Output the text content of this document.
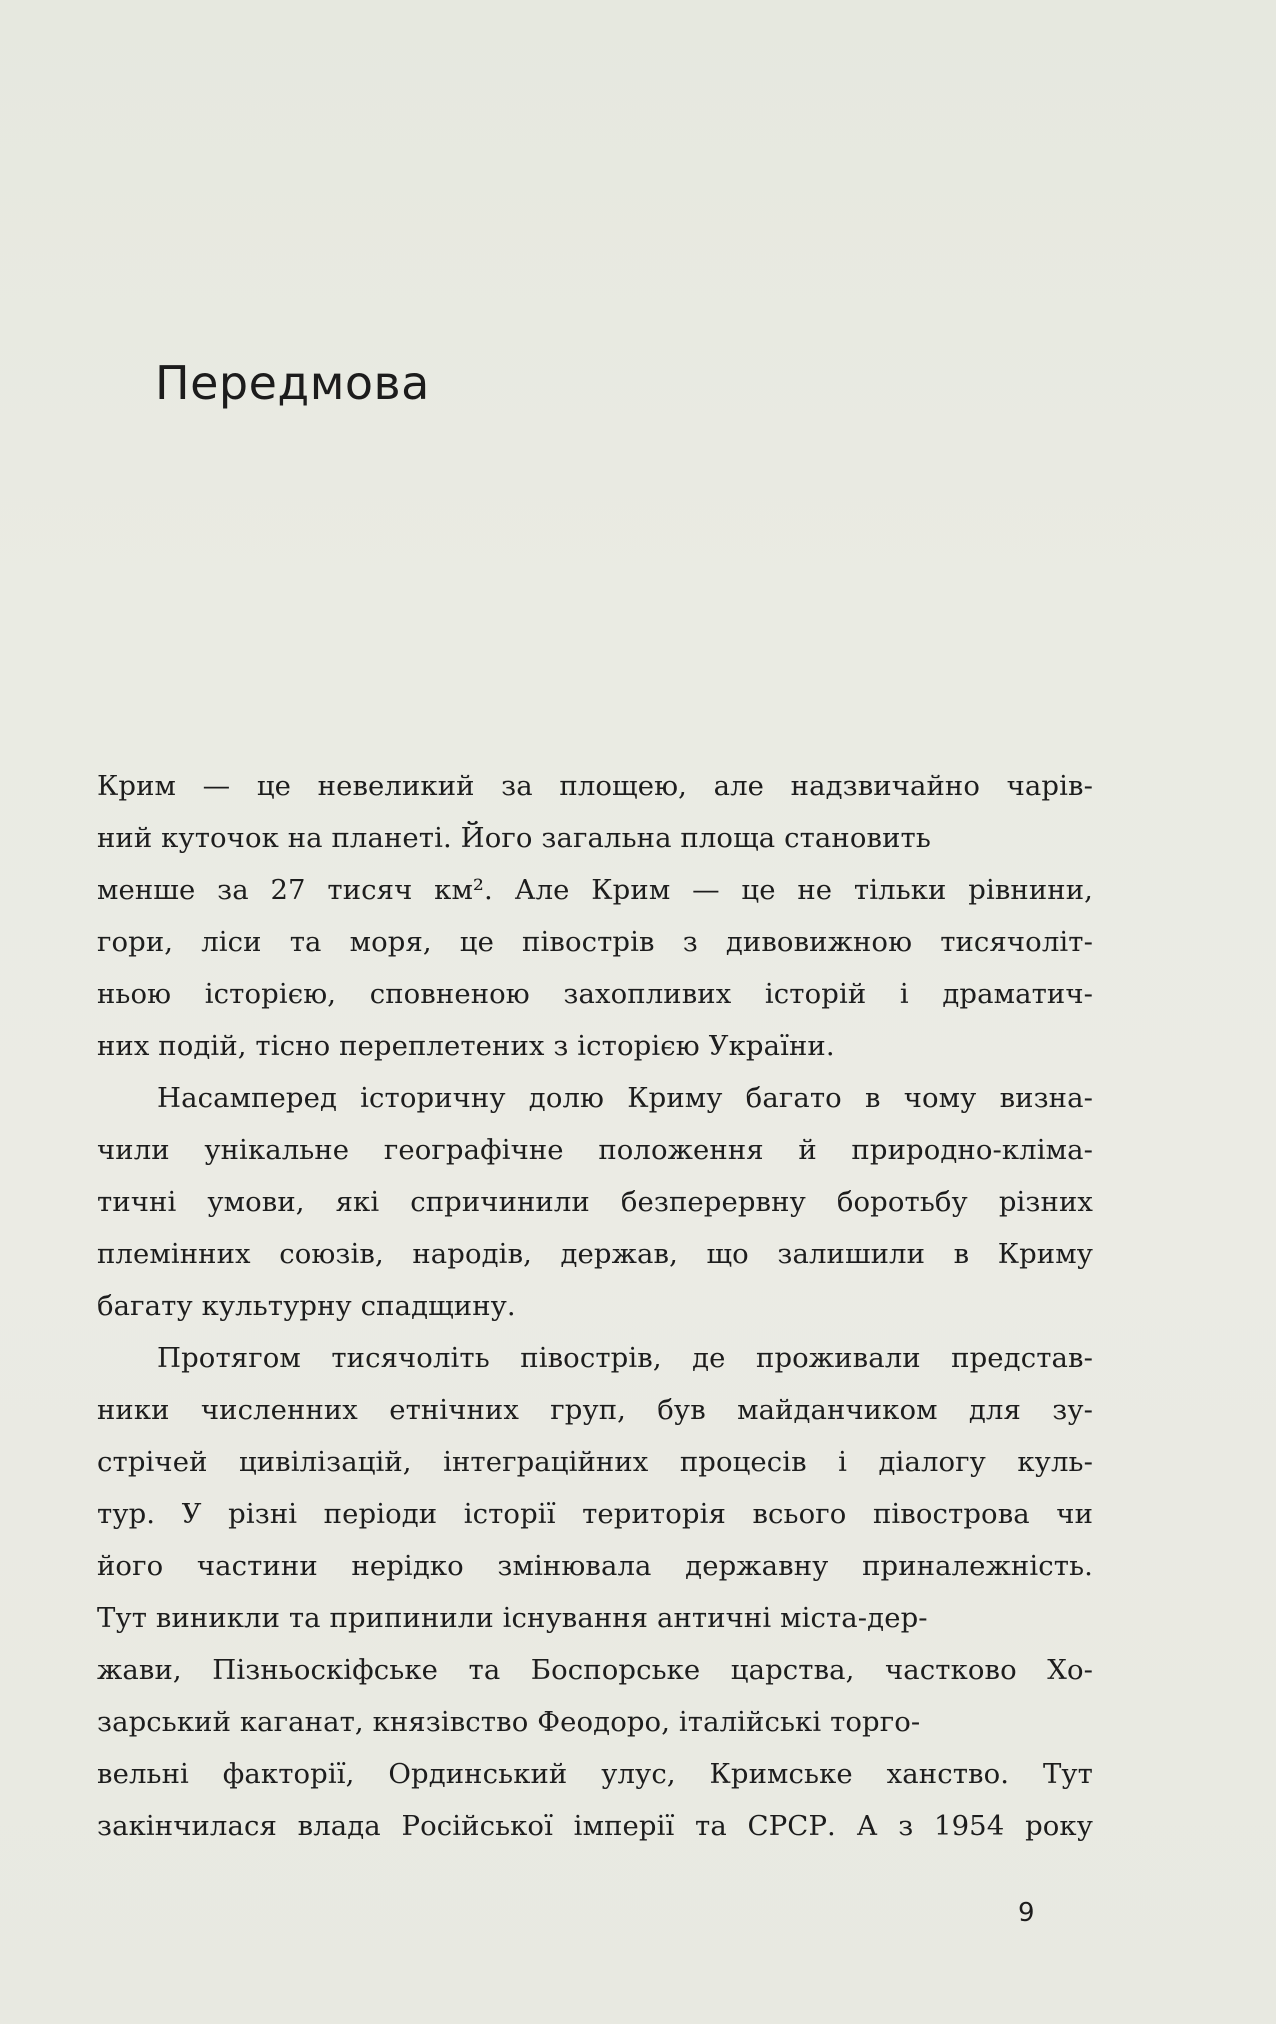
Передмова
Крим — це невеликий за площею, але надзвичайно чарів-
ний куточок на планеті. Його загальна площа становить
менше за 27 тисяч км². Але Крим — це не тільки рівнини,
гори, ліси та моря, це півострів з дивовижною тисячоліт-
ньою історією, сповненою захопливих історій і драматич-
них подій, тісно переплетених з історією України.
Насамперед історичну долю Криму багато в чому визна-
чили унікальне географічне положення й природно-кліма-
тичні умови, які спричинили безперервну боротьбу різних
племінних союзів, народів, держав, що залишили в Криму
багату культурну спадщину.
Протягом тисячоліть півострів, де проживали представ-
ники численних етнічних груп, був майданчиком для зу-
стрічей цивілізацій, інтеграційних процесів і діалогу куль-
тур. У різні періоди історії територія всього півострова чи
його частини нерідко змінювала державну приналежність.
Тут виникли та припинили існування античні міста-дер-
жави, Пізньоскіфське та Боспорське царства, частково Хо-
зарський каганат, князівство Феодоро, італійські торго-
вельні факторії, Ординський улус, Кримське ханство. Тут
закінчилася влада Російської імперії та СРСР. А з 1954 року
9
